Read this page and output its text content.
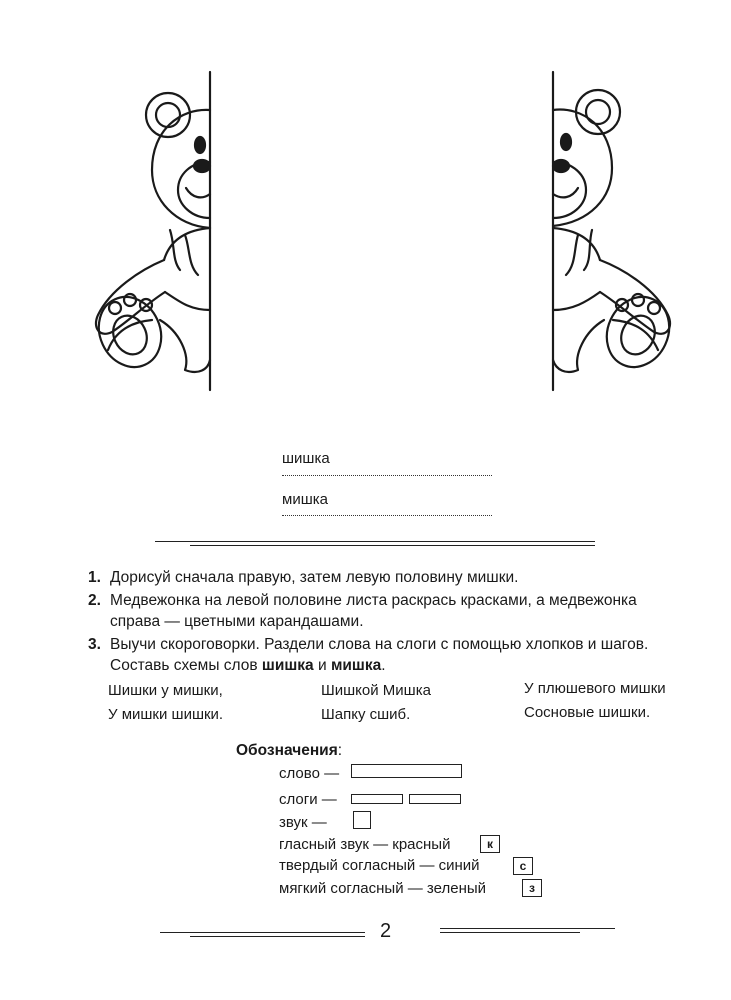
шишка
мишка
1. Дорисуй сначала правую, затем левую половину мишки.
2. Медвежонка на левой половине листа раскрась красками, а медвежонка
справа — цветными карандашами.
3. Выучи скороговорки. Раздели слова на слоги с помощью хлопков и шагов.
Составь схемы слов шишка и мишка.
Шишки у мишки,
У мишки шишки.
Шишкой Мишка
Шапку сшиб.
У плюшевого мишки
Сосновые шишки.
Обозначения:
слово —
слоги —
звук —
гласный звук — красный	к
твердый согласный — синий	с
мягкий согласный — зеленый	з
2
